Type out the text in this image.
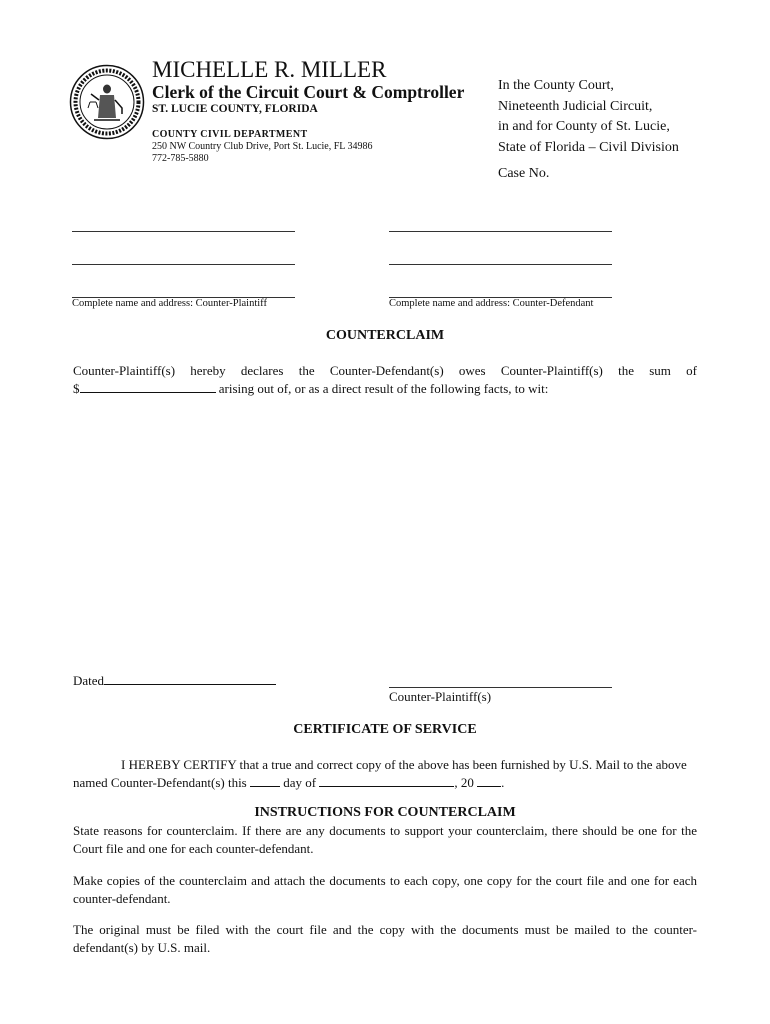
MICHELLE R. MILLER
Clerk of the Circuit Court & Comptroller
ST. LUCIE COUNTY, FLORIDA
COUNTY CIVIL DEPARTMENT
250 NW Country Club Drive, Port St. Lucie, FL 34986
772-785-5880
In the County Court,
Nineteenth Judicial Circuit,
in and for County of St. Lucie,
State of Florida – Civil Division
Case No.
Complete name and address: Counter-Plaintiff	Complete name and address: Counter-Defendant
COUNTERCLAIM
Counter-Plaintiff(s) hereby declares the Counter-Defendant(s) owes Counter-Plaintiff(s) the sum of
$	arising out of, or as a direct result of the following facts, to wit:
Dated
Counter-Plaintiff(s)
CERTIFICATE OF SERVICE
I HEREBY CERTIFY that a true and correct copy of the above has been furnished by U.S. Mail to the above named Counter-Defendant(s) this	day of	, 20 .
INSTRUCTIONS FOR COUNTERCLAIM
State reasons for counterclaim. If there are any documents to support your counterclaim, there should be one for the Court file and one for each counter-defendant.
Make copies of the counterclaim and attach the documents to each copy, one copy for the court file and one for each counter-defendant.
The original must be filed with the court file and the copy with the documents must be mailed to the counter-defendant(s) by U.S. mail.
